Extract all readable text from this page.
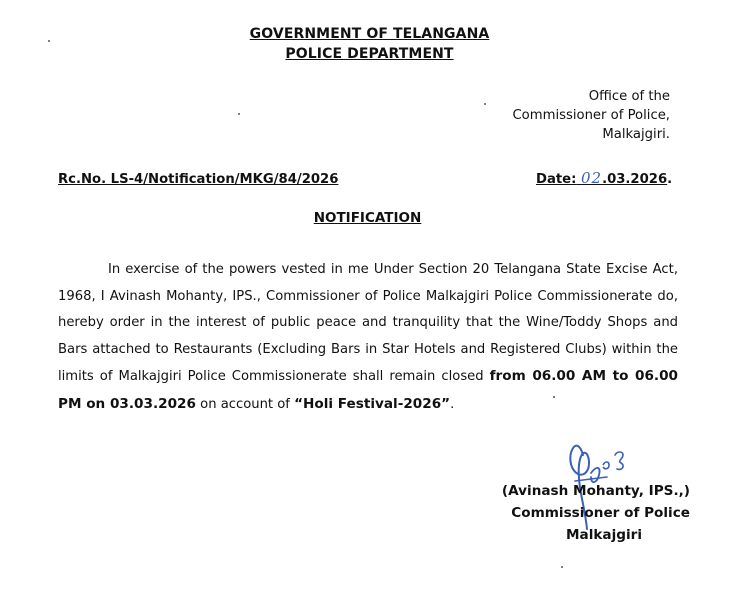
GOVERNMENT OF TELANGANA
POLICE DEPARTMENT
Office of the
Commissioner of Police,
Malkajgiri.
Rc.No. LS-4/Notification/MKG/84/2026	Date: 02.03.2026.
NOTIFICATION
In exercise of the powers vested in me Under Section 20 Telangana State Excise Act, 1968, I Avinash Mohanty, IPS., Commissioner of Police Malkajgiri Police Commissionerate do, hereby order in the interest of public peace and tranquility that the Wine/Toddy Shops and Bars attached to Restaurants (Excluding Bars in Star Hotels and Registered Clubs) within the limits of Malkajgiri Police Commissionerate shall remain closed from 06.00 AM to 06.00 PM on 03.03.2026 on account of “Holi Festival-2026”.
(Avinash Mohanty, IPS.,)
Commissioner of Police
Malkajgiri
